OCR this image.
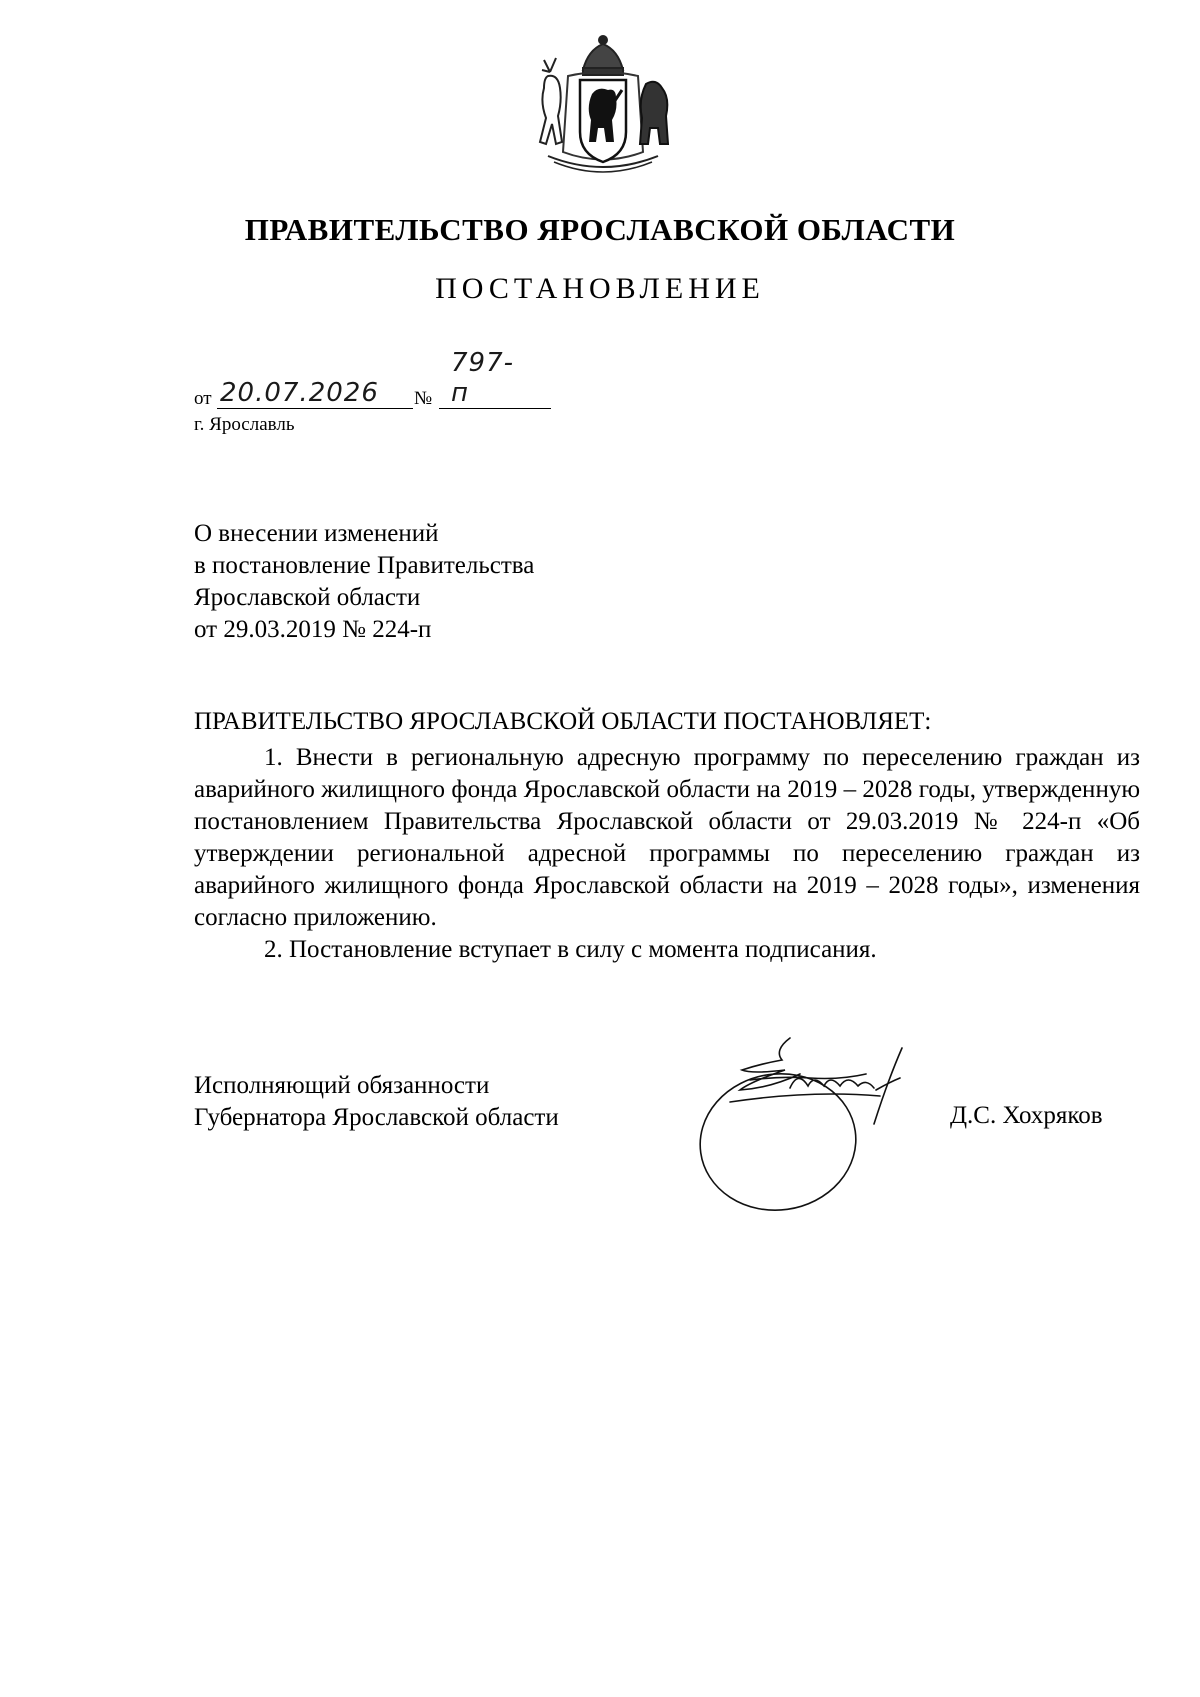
ПРАВИТЕЛЬСТВО ЯРОСЛАВСКОЙ ОБЛАСТИ
ПОСТАНОВЛЕНИЕ
от 20.07.2026 №
797-п
г. Ярославль
О внесении изменений
в постановление Правительства
Ярославской области
от 29.03.2019 № 224-п
ПРАВИТЕЛЬСТВО ЯРОСЛАВСКОЙ ОБЛАСТИ ПОСТАНОВЛЯЕТ:

1. Внести в региональную адресную программу по переселению граждан из аварийного жилищного фонда Ярославской области на 2019 – 2028 годы, утвержденную постановлением Правительства Ярославской области от 29.03.2019 № 224-п «Об утверждении региональной адресной программы по переселению граждан из аварийного жилищного фонда Ярославской области на 2019 – 2028 годы», изменения согласно приложению.

2. Постановление вступает в силу с момента подписания.

Исполняющий обязанности
Губернатора Ярославской области	Д.С. Хохряков
